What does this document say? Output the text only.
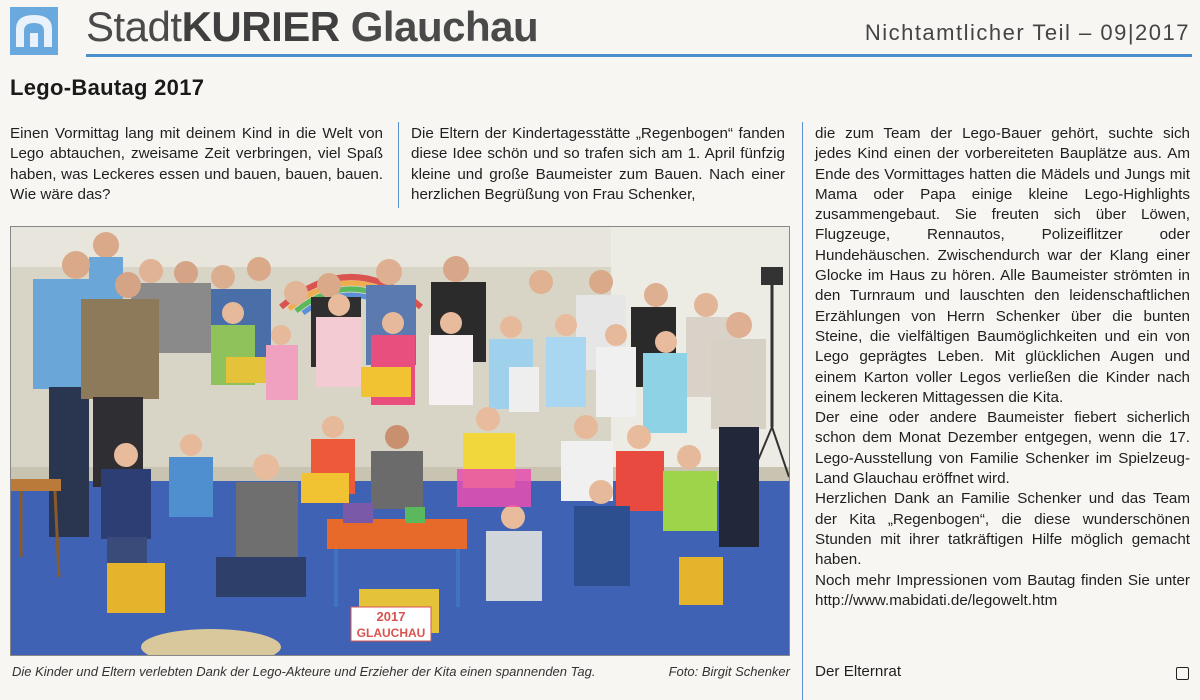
StadtKURIER Glauchau	Nichtamtlicher Teil – 09|2017
Lego-Bautag 2017

Einen Vormittag lang mit deinem Kind in die Welt von Lego abtauchen, zweisame Zeit verbringen, viel Spaß haben, was Leckeres essen und bauen, bauen, bauen. Wie wäre das?

Die Eltern der Kindertagesstätte „Regenbogen“ fanden diese Idee schön und so trafen sich am 1. April fünfzig kleine und große Baumeister zum Bauen. Nach einer herzlichen Begrüßung von Frau Schenker,

die zum Team der Lego-Bauer gehört, suchte sich jedes Kind einen der vorbereiteten Bauplätze aus. Am Ende des Vormittages hatten die Mädels und Jungs mit Mama oder Papa einige kleine Lego-Highlights zusammengebaut. Sie freuten sich über Löwen, Flugzeuge, Rennautos, Polizeiflitzer oder Hundehäuschen. Zwischendurch war der Klang einer Glocke im Haus zu hören. Alle Baumeister strömten in den Turnraum und lauschten den leidenschaftlichen Erzählungen von Herrn Schenker über die bunten Steine, die vielfältigen Baumöglichkeiten und ein von Lego geprägtes Leben. Mit glücklichen Augen und einem Karton voller Legos verließen die Kinder nach einem leckeren Mittagessen die Kita.

Der eine oder andere Baumeister fiebert sicherlich schon dem Monat Dezember entgegen, wenn die 17. Lego-Ausstellung von Familie Schenker im Spielzeug-Land Glauchau eröffnet wird.

Herzlichen Dank an Familie Schenker und das Team der Kita „Regenbogen“, die diese wunderschönen Stunden mit ihrer tatkräftigen Hilfe möglich gemacht haben.

Noch mehr Impressionen vom Bautag finden Sie unter http://www.mabidati.de/legowelt.htm

2017
GLAUCHAU
Die Kinder und Eltern verlebten Dank der Lego-Akteure und Erzieher der Kita einen spannenden Tag.	Foto: Birgit Schenker Der Elternrat
